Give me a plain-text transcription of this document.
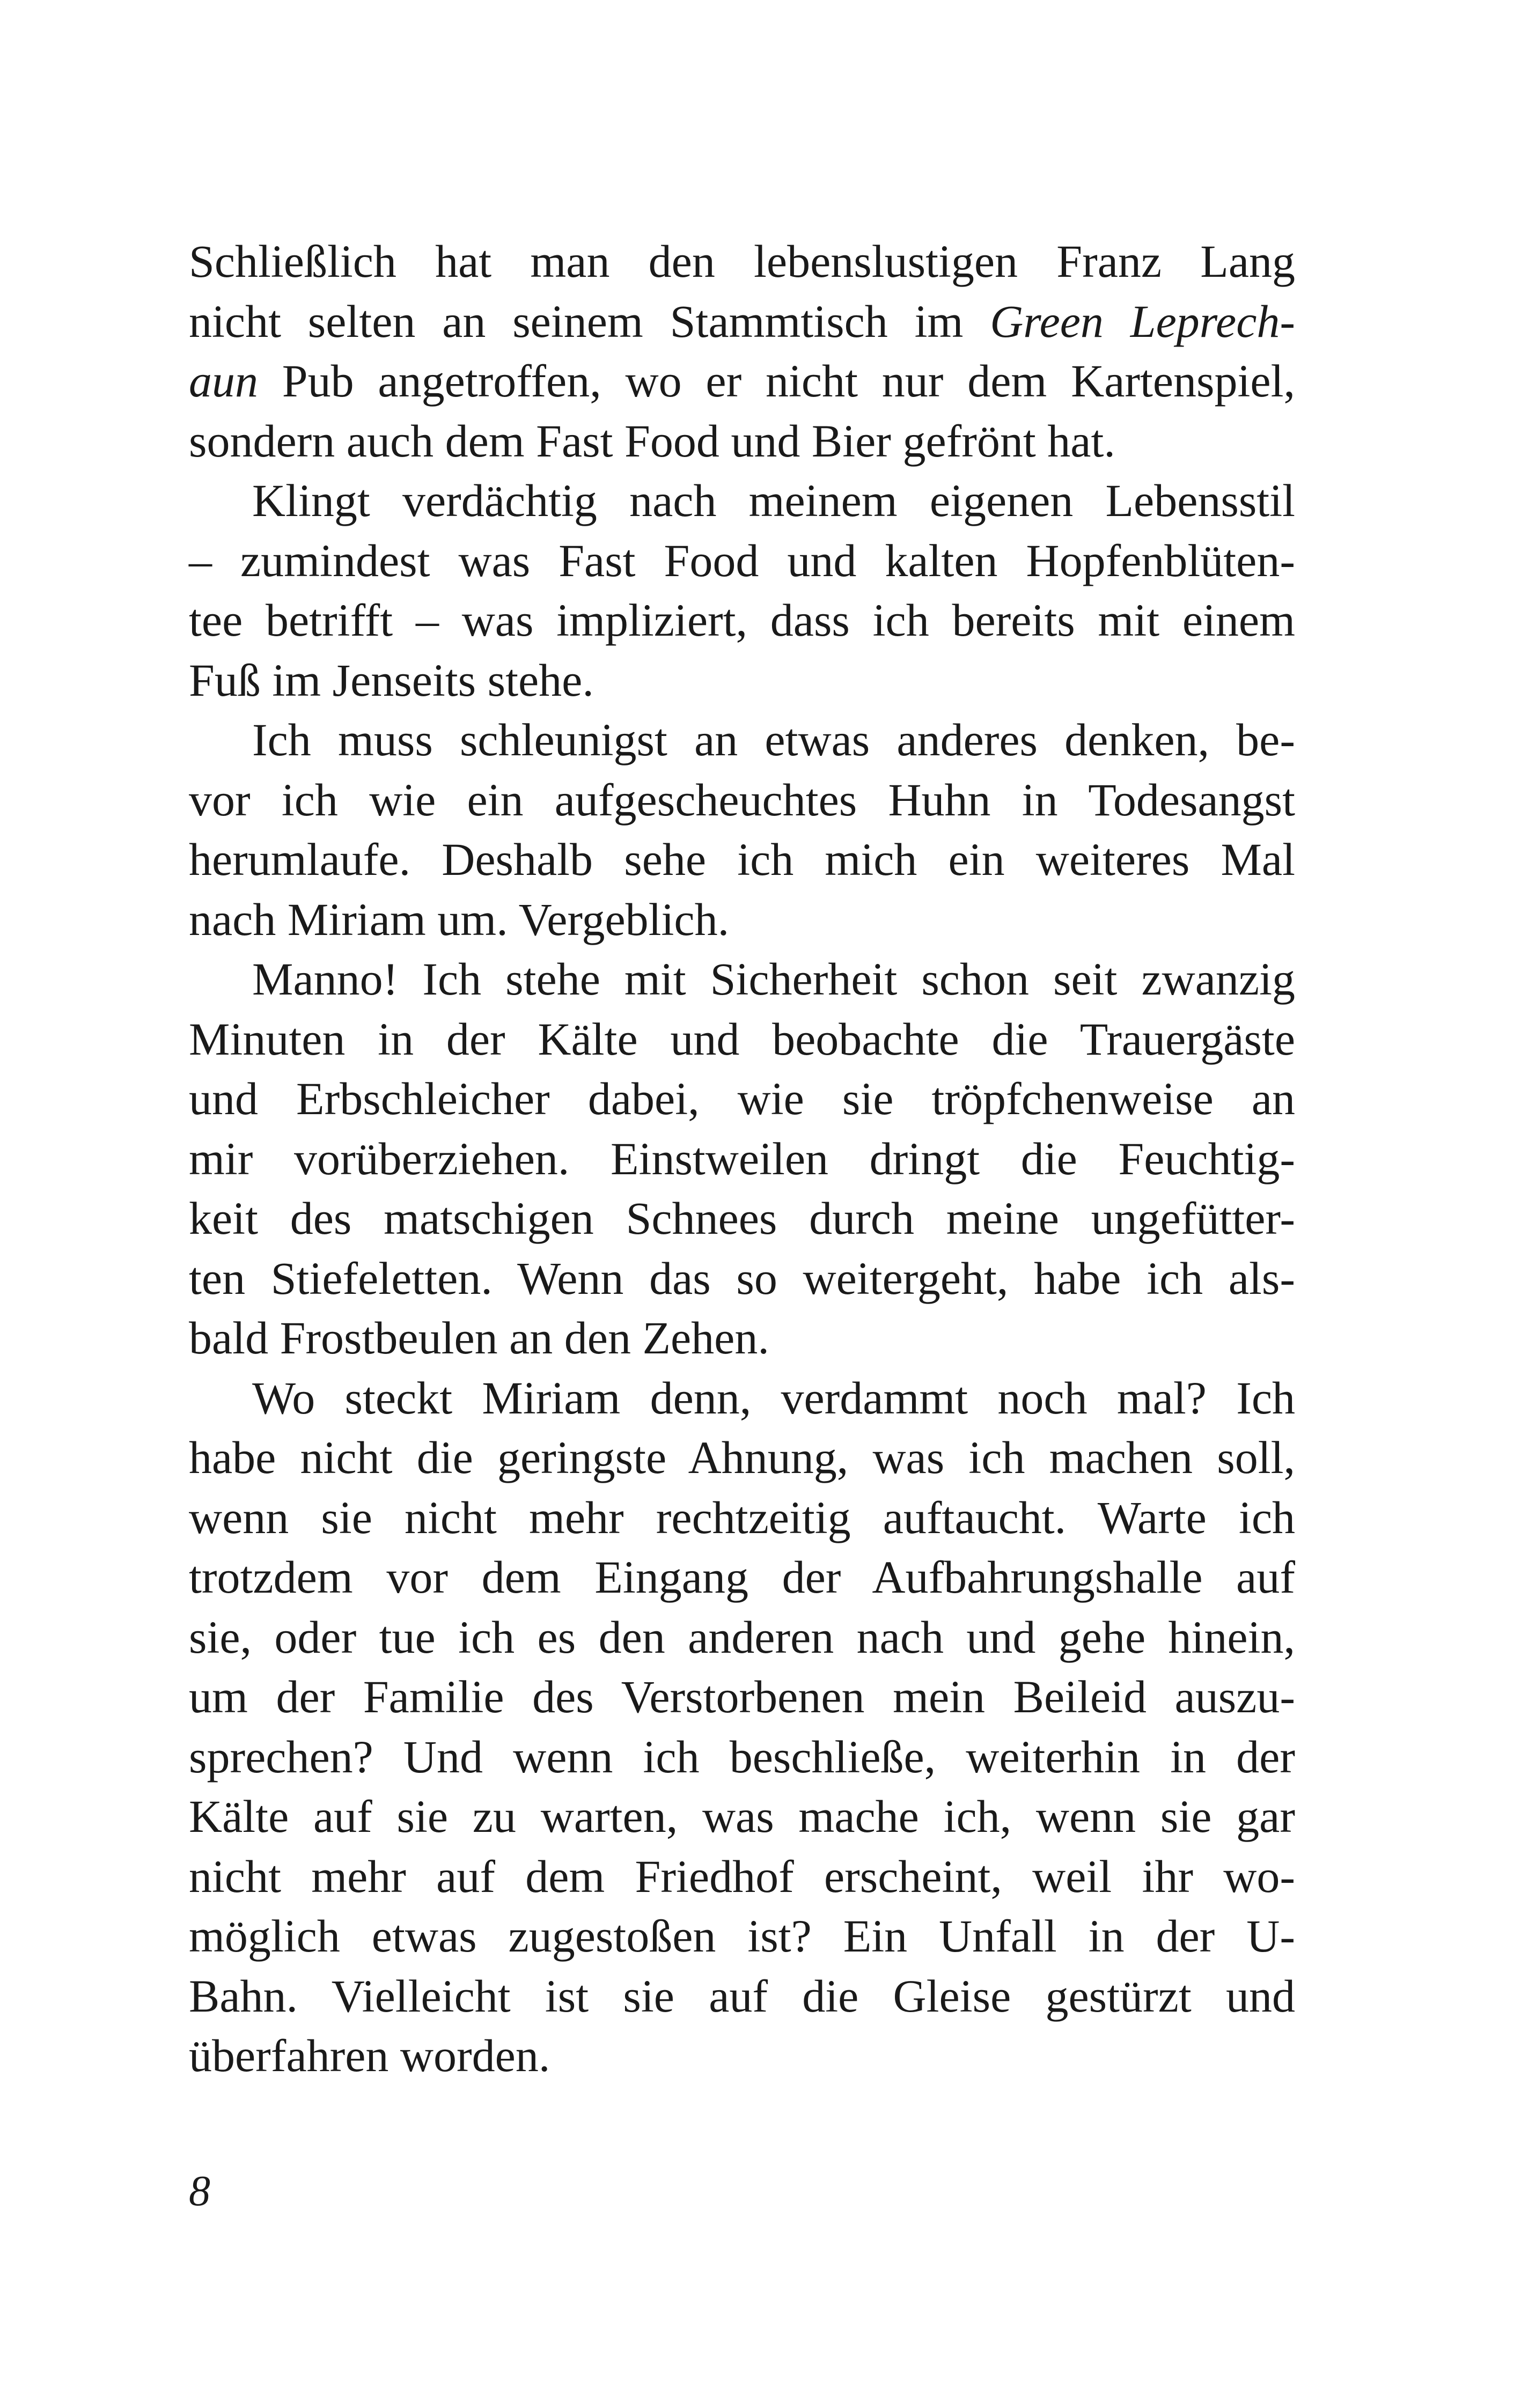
Schließlich hat man den lebenslustigen Franz Lang
nicht selten an seinem Stammtisch im Green Leprech-
aun Pub angetroffen, wo er nicht nur dem Kartenspiel,
sondern auch dem Fast Food und Bier gefrönt hat.
Klingt verdächtig nach meinem eigenen Lebensstil
– zumindest was Fast Food und kalten Hopfenblüten-
tee betrifft – was impliziert, dass ich bereits mit einem
Fuß im Jenseits stehe.
Ich muss schleunigst an etwas anderes denken, be-
vor ich wie ein aufgescheuchtes Huhn in Todesangst
herumlaufe. Deshalb sehe ich mich ein weiteres Mal
nach Miriam um. Vergeblich.
Manno! Ich stehe mit Sicherheit schon seit zwanzig
Minuten in der Kälte und beobachte die Trauergäste
und Erbschleicher dabei, wie sie tröpfchenweise an
mir vorüberziehen. Einstweilen dringt die Feuchtig-
keit des matschigen Schnees durch meine ungefütter-
ten Stiefeletten. Wenn das so weitergeht, habe ich als-
bald Frostbeulen an den Zehen.
Wo steckt Miriam denn, verdammt noch mal? Ich
habe nicht die geringste Ahnung, was ich machen soll,
wenn sie nicht mehr rechtzeitig auftaucht. Warte ich
trotzdem vor dem Eingang der Aufbahrungshalle auf
sie, oder tue ich es den anderen nach und gehe hinein,
um der Familie des Verstorbenen mein Beileid auszu-
sprechen? Und wenn ich beschließe, weiterhin in der
Kälte auf sie zu warten, was mache ich, wenn sie gar
nicht mehr auf dem Friedhof erscheint, weil ihr wo-
möglich etwas zugestoßen ist? Ein Unfall in der U-
Bahn. Vielleicht ist sie auf die Gleise gestürzt und
überfahren worden.
8
